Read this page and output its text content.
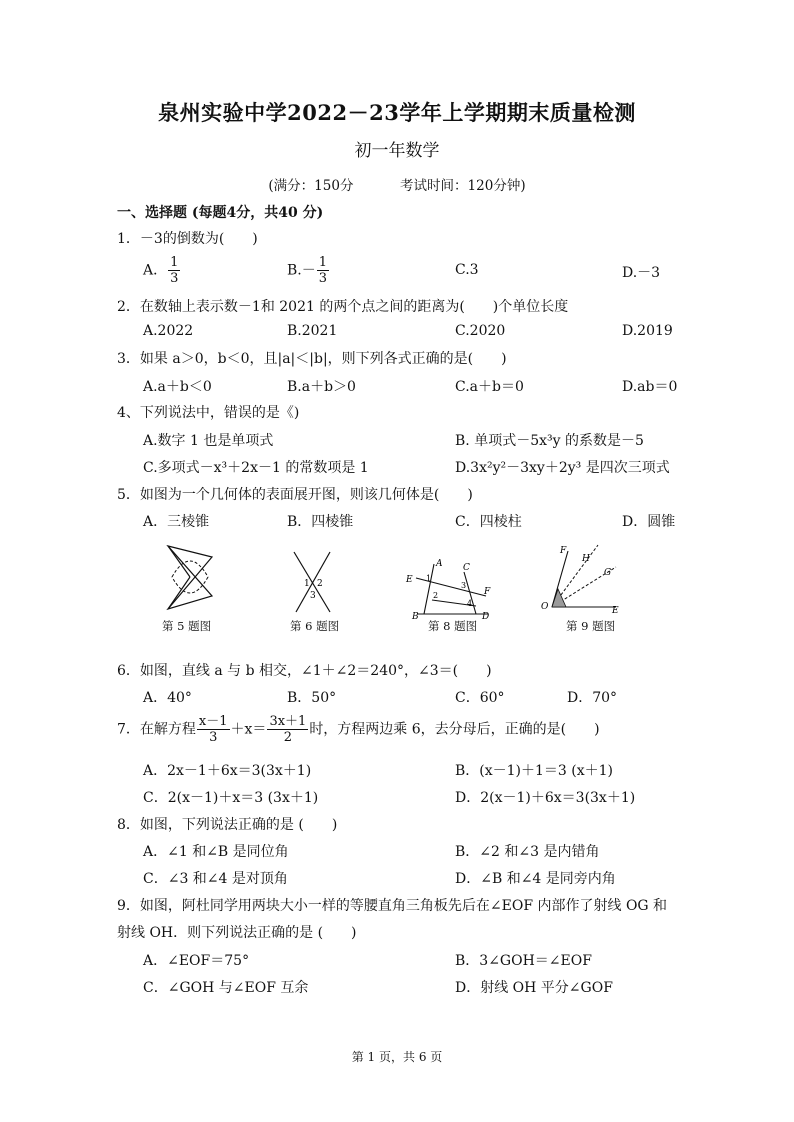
泉州实验中学2022－23学年上学期期末质量检测
初一年数学
(满分：150分	考试时间：120分钟)
一、选择题 (每题4分，共40 分)
1．－3的倒数为(　　)
A． $\frac{1}{3}$	$B.- \frac{1}{3}$	C.3	D.－3
2．在数轴上表示数－1和 2021 的两个点之间的距离为(　　)个单位长度
A.2022	B.2021	C.2020	D.2019
3．如果 a＞0，b＜0，且|a|＜|b|，则下列各式正确的是(　　)
A.a＋b＜0	B.a＋b＞0	C.a＋b＝0	D.ab＝0
4、下列说法中，错误的是《)
A.数字 1 也是单项式	B. 单项式－5x³y 的系数是－5
C.多项式－x³＋2x－1 的常数项是 1	D.3x²y²－3xy＋2y³ 是四次三项式
5．如图为一个几何体的表面展开图，则该几何体是(　　)
A．三棱锥	B．四棱锥	C．四棱柱	D．圆锥
第 5 题图
1 2
3
第 6 题图
A C
E 1
3
F
2
4
B	D
第 8 题图
F
H
G
O	E
第 9 题图
6．如图，直线 a 与 b 相交，∠1＋∠2＝240°，∠3＝(　　)
A．40°	B．50°	C．60°	D．70°
7．在解方程 $\frac{x-1}{3} +x= \frac{3x+1}{2}$ 时，方程两边乘 6，去分母后，正确的是(　　)
A．2x－1＋6x＝3(3x＋1)	B．(x－1)＋1＝3 (x＋1)
C．2(x－1)＋x＝3 (3x＋1)	D．2(x－1)＋6x＝3(3x＋1)
8．如图，下列说法正确的是 (　　)
A．∠1 和∠B 是同位角	B．∠2 和∠3 是内错角
C．∠3 和∠4 是对顶角	D．∠B 和∠4 是同旁内角
9．如图，阿杜同学用两块大小一样的等腰直角三角板先后在∠EOF 内部作了射线 OG 和
射线 OH．则下列说法正确的是 (　　)
A．∠EOF＝75°	B．3∠GOH＝∠EOF
C．∠GOH 与∠EOF 互余	D．射线 OH 平分∠GOF
第 1 页，共 6 页
